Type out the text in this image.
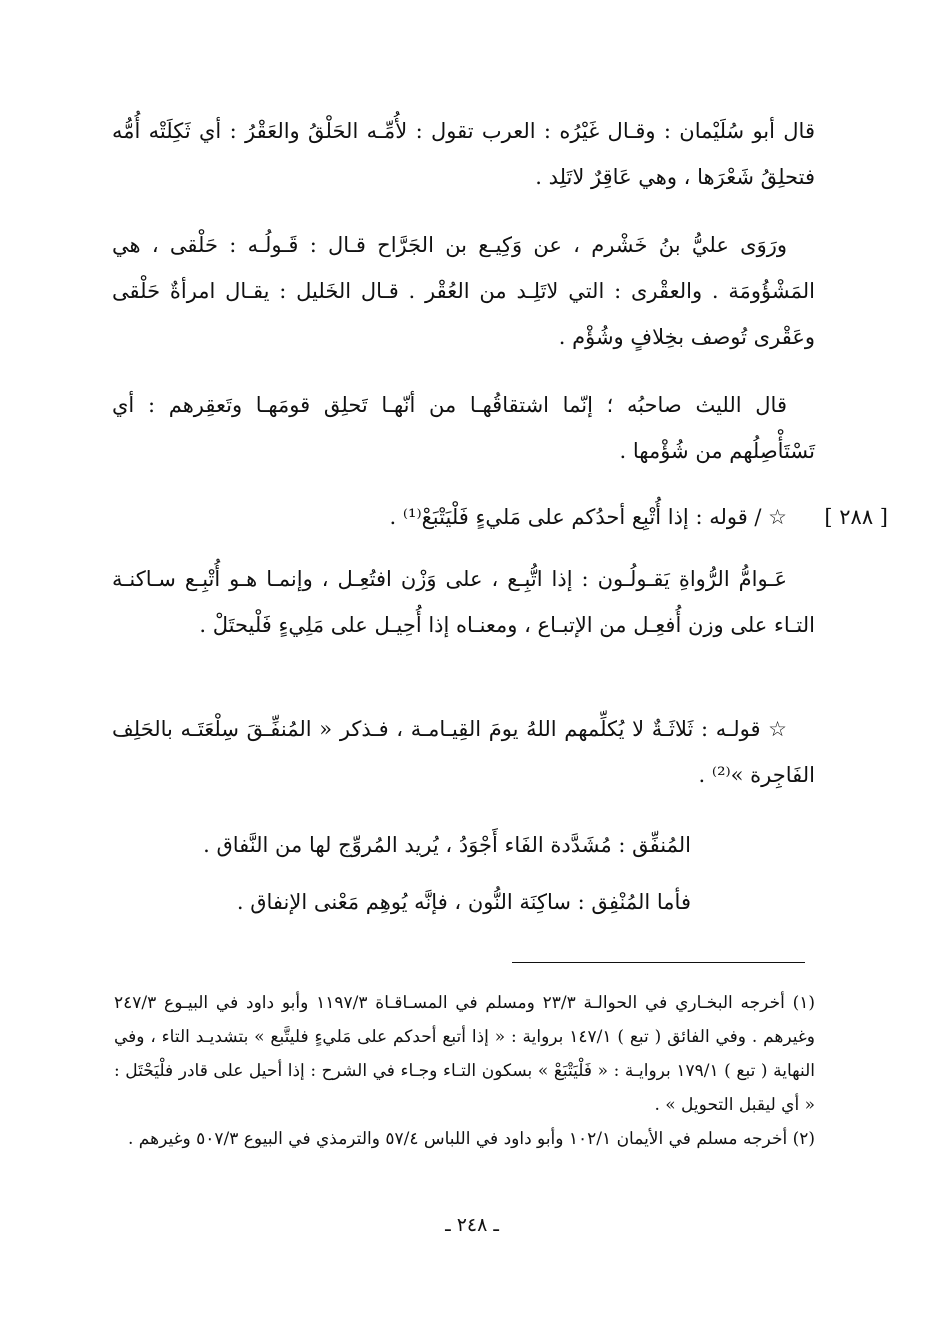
قال أبو سُلَيْمان : وقـال غَيْرُه : العرب تقول : لأُمِّـه الحَلْقُ والعَقْرُ : أي ثَكِلَتْه أُمُّه فتحلِقُ شَعْرَها ، وهي عَاقِرٌ لاتَلِد .

ورَوَى عليُّ بنُ خَشْرم ، عن وَكِيـع بن الجَرَّاح قـال : قَـولُـه : حَلْقى ، هي المَشْؤُومَة . والعقْرى : التي لاتَلِـد من العُقْر . قـال الخَليل : يقـال امرأةٌ حَلْقى وعَقْرى تُوصف بخِلافٍ وشُؤْم .

قال الليث صاحبُه ؛ إنّما اشتقاقُهـا من أنّهـا تَحلِق قومَهـا وتَعقِرهم : أي تَسْتَأْصِلُهم من شُؤْمها .

[ ٢٨٨ ]

☆ / قوله : إذا أُتْبِع أحدُكم على مَليءٍ فَلْيَتْبَعْ⁽¹⁾ .

عَـوامُّ الرُّواةِ يَقـولُـون : إذا اتُّبِـع ، على وَزْن افتُعِـل ، وإنمـا هـو أُتْبِـع سـاكنـة التـاء على وزن أُفعِـل من الإتبـاع ، ومعنـاه إذا أُحِيـل على مَلِيءٍ فَلْيحتَلْ .

☆ قولـه : ثَلاثَـةٌ لا يُكلِّمهم اللهُ يومَ القِيـامـة ، فـذكر « المُنفِّـقَ سِلْعَتَـه بالحَلِف الفَاجِرة »⁽²⁾ .

المُنفِّق : مُشَدَّدة الفَاء أَجْوَدُ ، يُريد المُروِّج لها من النَّفاق .

فأما المُنْفِق : ساكِنَة النُّون ، فإنَّه يُوهِم مَعْنى الإنفاق .

(١) أخرجه البخـاري في الحوالـة ٢٣/٣ ومسلم في المسـاقـاة ١١٩٧/٣ وأبو داود في البيـوع ٢٤٧/٣ وغيرهم . وفي الفائق ( تبع ) ١٤٧/١ برواية : « إذا أتبع أحدكم على مَليءٍ فليتَّبع » بتشديـد التاء ، وفي النهاية ( تبع ) ١٧٩/١ بروايـة : « فَلْيَتْبَعْ » بسكون التـاء وجـاء في الشرح : إذا أحيل على قادر فلْيَحْتَل : « أي ليقبل التحويل » .

(٢) أخرجه مسلم في الأيمان ١٠٢/١ وأبو داود في اللباس ٥٧/٤ والترمذي في البيوع ٥٠٧/٣ وغيرهم .

ـ ٢٤٨ ـ
